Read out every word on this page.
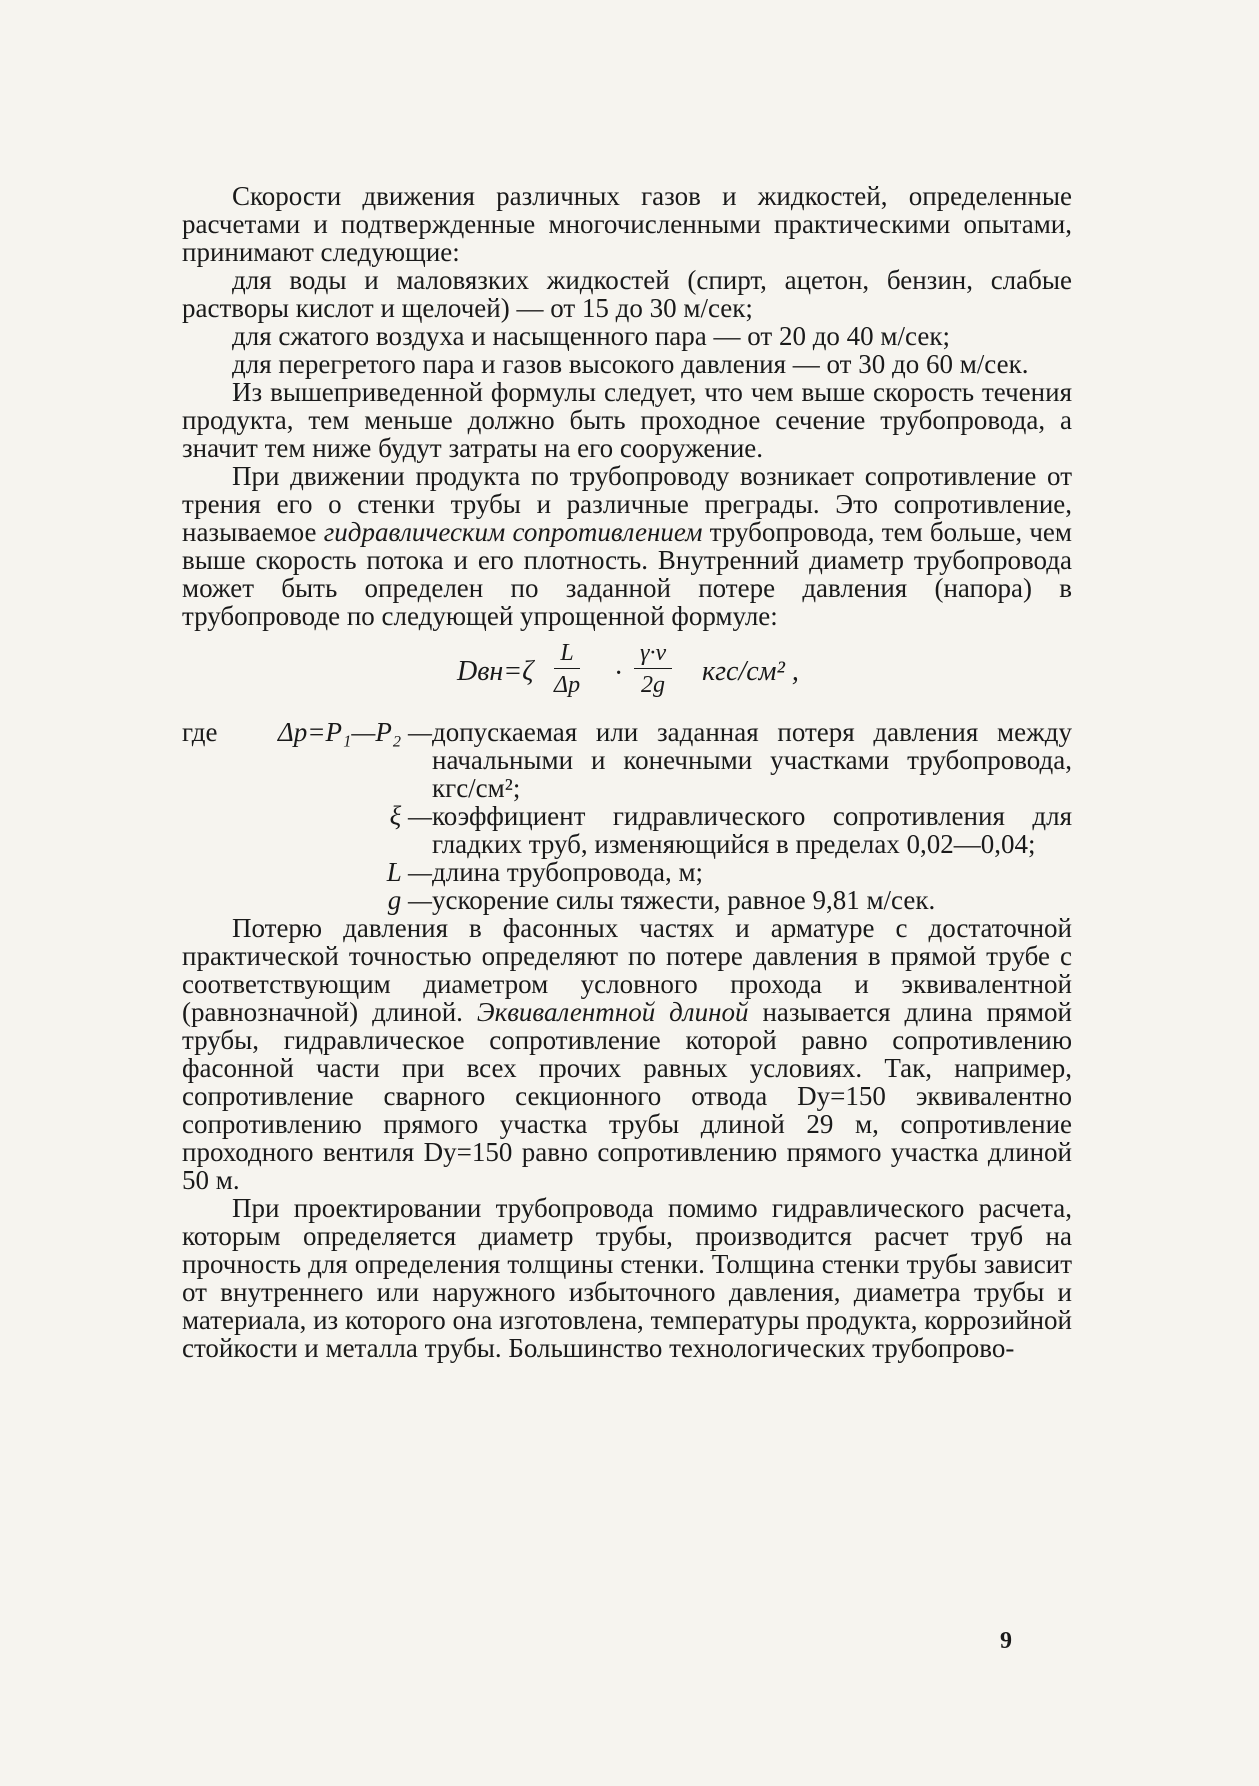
Скорости движения различных газов и жидкостей, определенные расчетами и подтвержденные многочисленными практическими опытами, принимают следующие:

для воды и маловязких жидкостей (спирт, ацетон, бензин, слабые растворы кислот и щелочей) — от 15 до 30 м/сек;

для сжатого воздуха и насыщенного пара — от 20 до 40 м/сек;

для перегретого пара и газов высокого давления — от 30 до 60 м/сек.

Из вышеприведенной формулы следует, что чем выше скорость течения продукта, тем меньше должно быть проходное сечение трубопровода, а значит тем ниже будут затраты на его сооружение.

При движении продукта по трубопроводу возникает сопротивление от трения его о стенки трубы и различные преграды. Это сопротивление, называемое гидравлическим сопротивлением трубопровода, тем больше, чем выше скорость потока и его плотность. Внутренний диаметр трубопровода может быть определен по заданной потере давления (напора) в трубопроводе по следующей упрощенной формуле:

$Dвн=\zeta \frac{L}{\Delta p} \cdot \frac{\gamma\cdot v}{2g} кгс/см^2$ ,
где Δp=P₁—P₂ — допускаемая или заданная потеря давления между начальными и конечными участками трубопровода, кгс/см²;
ξ — коэффициент гидравлического сопротивления для гладких труб, изменяющийся в пределах 0,02—0,04;
L — длина трубопровода, м;
g — ускорение силы тяжести, равное 9,81 м/сек.

Потерю давления в фасонных частях и арматуре с достаточной практической точностью определяют по потере давления в прямой трубе с соответствующим диаметром условного прохода и эквивалентной (равнозначной) длиной. Эквивалентной длиной называется длина прямой трубы, гидравлическое сопротивление которой равно сопротивлению фасонной части при всех прочих равных условиях. Так, например, сопротивление сварного секционного отвода Dу=150 эквивалентно сопротивлению прямого участка трубы длиной 29 м, сопротивление проходного вентиля Dу=150 равно сопротивлению прямого участка длиной 50 м.

При проектировании трубопровода помимо гидравлического расчета, которым определяется диаметр трубы, производится расчет труб на прочность для определения толщины стенки. Толщина стенки трубы зависит от внутреннего или наружного избыточного давления, диаметра трубы и материала, из которого она изготовлена, температуры продукта, коррозийной стойкости и металла трубы. Большинство технологических трубопрово-

9
